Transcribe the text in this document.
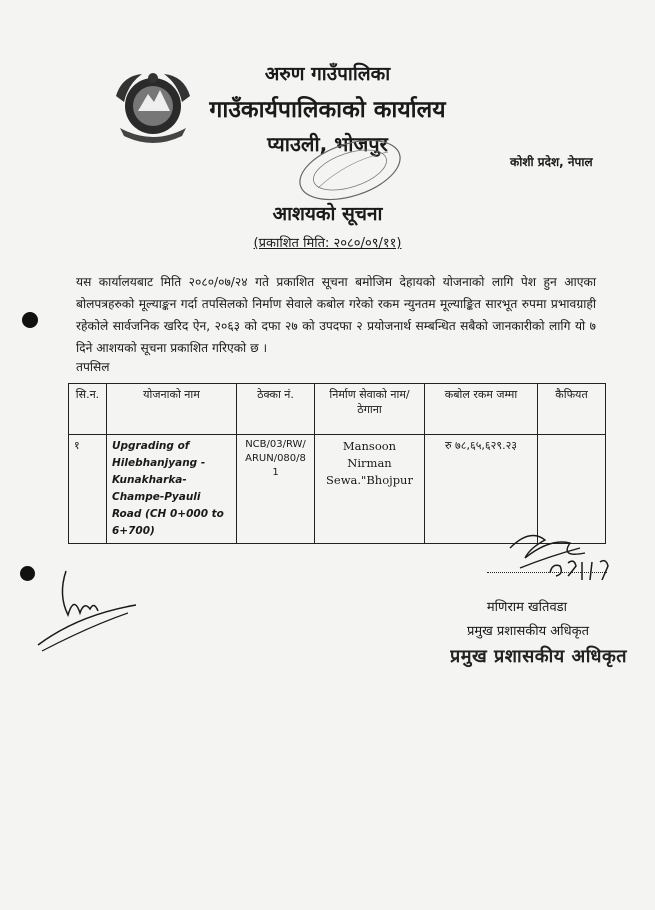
अरुण गाउँपालिका
गाउँकार्यपालिकाको कार्यालय
प्याउली, भोजपुर
कोशी प्रदेश, नेपाल
आशयको सूचना
(प्रकाशित मिति: २०८०/०९/११)
यस कार्यालयबाट मिति २०८०/०७/२४ गते प्रकाशित सूचना बमोजिम देहायको योजनाको लागि पेश हुन आएका बोलपत्रहरुको मूल्याङ्कन गर्दा तपसिलको निर्माण सेवाले कबोल गरेको रकम न्युनतम मूल्याङ्कित सारभूत रुपमा प्रभावग्राही रहेकोले सार्वजनिक खरिद ऐन, २०६३ को दफा २७ को उपदफा २ प्रयोजनार्थ सम्बन्धित सबैको जानकारीको लागि यो ७ दिने आशयको सूचना प्रकाशित गरिएको छ ।
तपसिल
सि.न.	योजनाको नाम	ठेक्का नं.	निर्माण सेवाको नाम/ठेगाना	कबोल रकम जम्मा	कैफियत
१	Upgrading of Hilebhanjyang - Kunakharka-Champe-Pyauli Road (CH 0+000 to 6+700)	NCB/03/RW/ARUN/080/81	Mansoon Nirman Sewa."Bhojpur	रु ७८,६५,६२९.२३	
मणिराम खतिवडा
प्रमुख प्रशासकीय अधिकृत
प्रमुख प्रशासकीय अधिकृत
